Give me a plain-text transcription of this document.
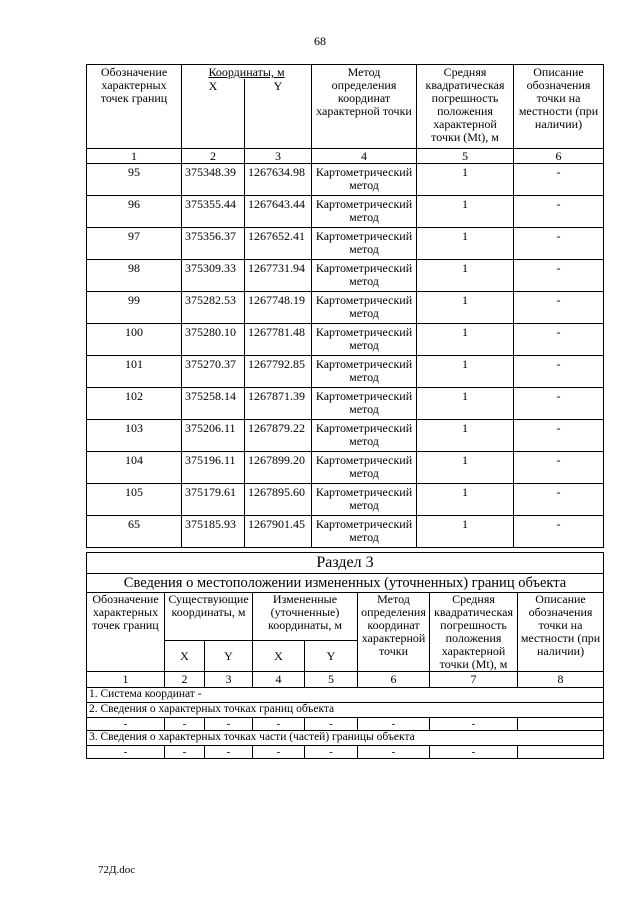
68
Обозначение характерных точек границ	Координаты, м		Метод определения координат характерной точки	Средняя квадратическая погрешность положения характерной точки (Mt), м	Описание обозначения точки на местности (при наличии)
	X	Y			
1	2	3	4	5	6
95	375348.39	1267634.98	Картометрический метод	1	-
96	375355.44	1267643.44	Картометрический метод	1	-
97	375356.37	1267652.41	Картометрический метод	1	-
98	375309.33	1267731.94	Картометрический метод	1	-
99	375282.53	1267748.19	Картометрический метод	1	-
100	375280.10	1267781.48	Картометрический метод	1	-
101	375270.37	1267792.85	Картометрический метод	1	-
102	375258.14	1267871.39	Картометрический метод	1	-
103	375206.11	1267879.22	Картометрический метод	1	-
104	375196.11	1267899.20	Картометрический метод	1	-
105	375179.61	1267895.60	Картометрический метод	1	-
65	375185.93	1267901.45	Картометрический метод	1	-
Раздел 3							
Сведения о местоположении измененных (уточненных) границ объекта							
Обозначение характерных точек границ	Существующие координаты, м		Измененные (уточненные) координаты, м		Метод определения координат характерной точки	Средняя квадратическая погрешность положения характерной точки (Mt), м	Описание обозначения точки на местности (при наличии)
	X	Y	X	Y			
1	2	3	4	5	6	7	8
1. Система координат -							
2. Сведения о характерных точках границ объекта							
-	-	-	-	-	-	-	
3. Сведения о характерных точках части (частей) границы объекта							
-	-	-	-	-	-	-	
72Д.doc
